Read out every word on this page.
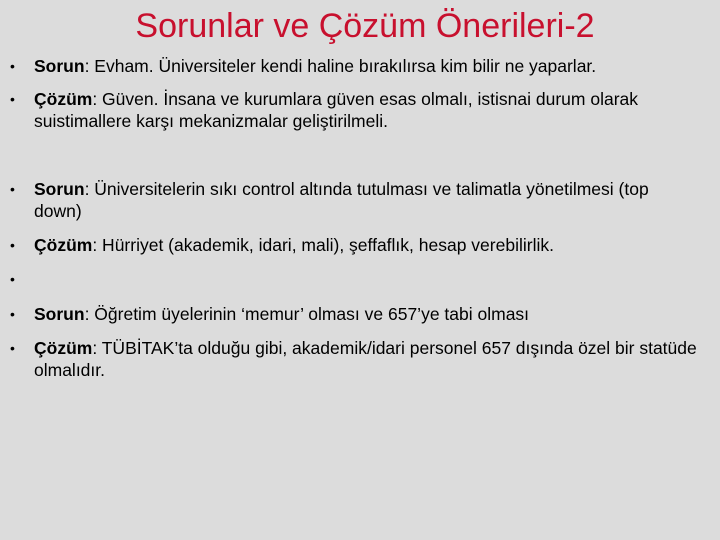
Sorunlar ve Çözüm Önerileri-2
•	Sorun: Evham. Üniversiteler kendi haline bırakılırsa kim bilir ne yaparlar.
•	Çözüm: Güven. İnsana ve kurumlara güven esas olmalı, istisnai durum olarak suistimallere karşı mekanizmalar geliştirilmeli.
•	Sorun: Üniversitelerin sıkı control altında tutulması ve talimatla yönetilmesi (top down)
•	Çözüm: Hürriyet (akademik, idari, mali), şeffaflık, hesap verebilirlik.
•
•	Sorun: Öğretim üyelerinin ‘memur’ olması ve 657’ye tabi olması
•	Çözüm: TÜBİTAK’ta olduğu gibi, akademik/idari personel 657 dışında özel bir statüde olmalıdır.
